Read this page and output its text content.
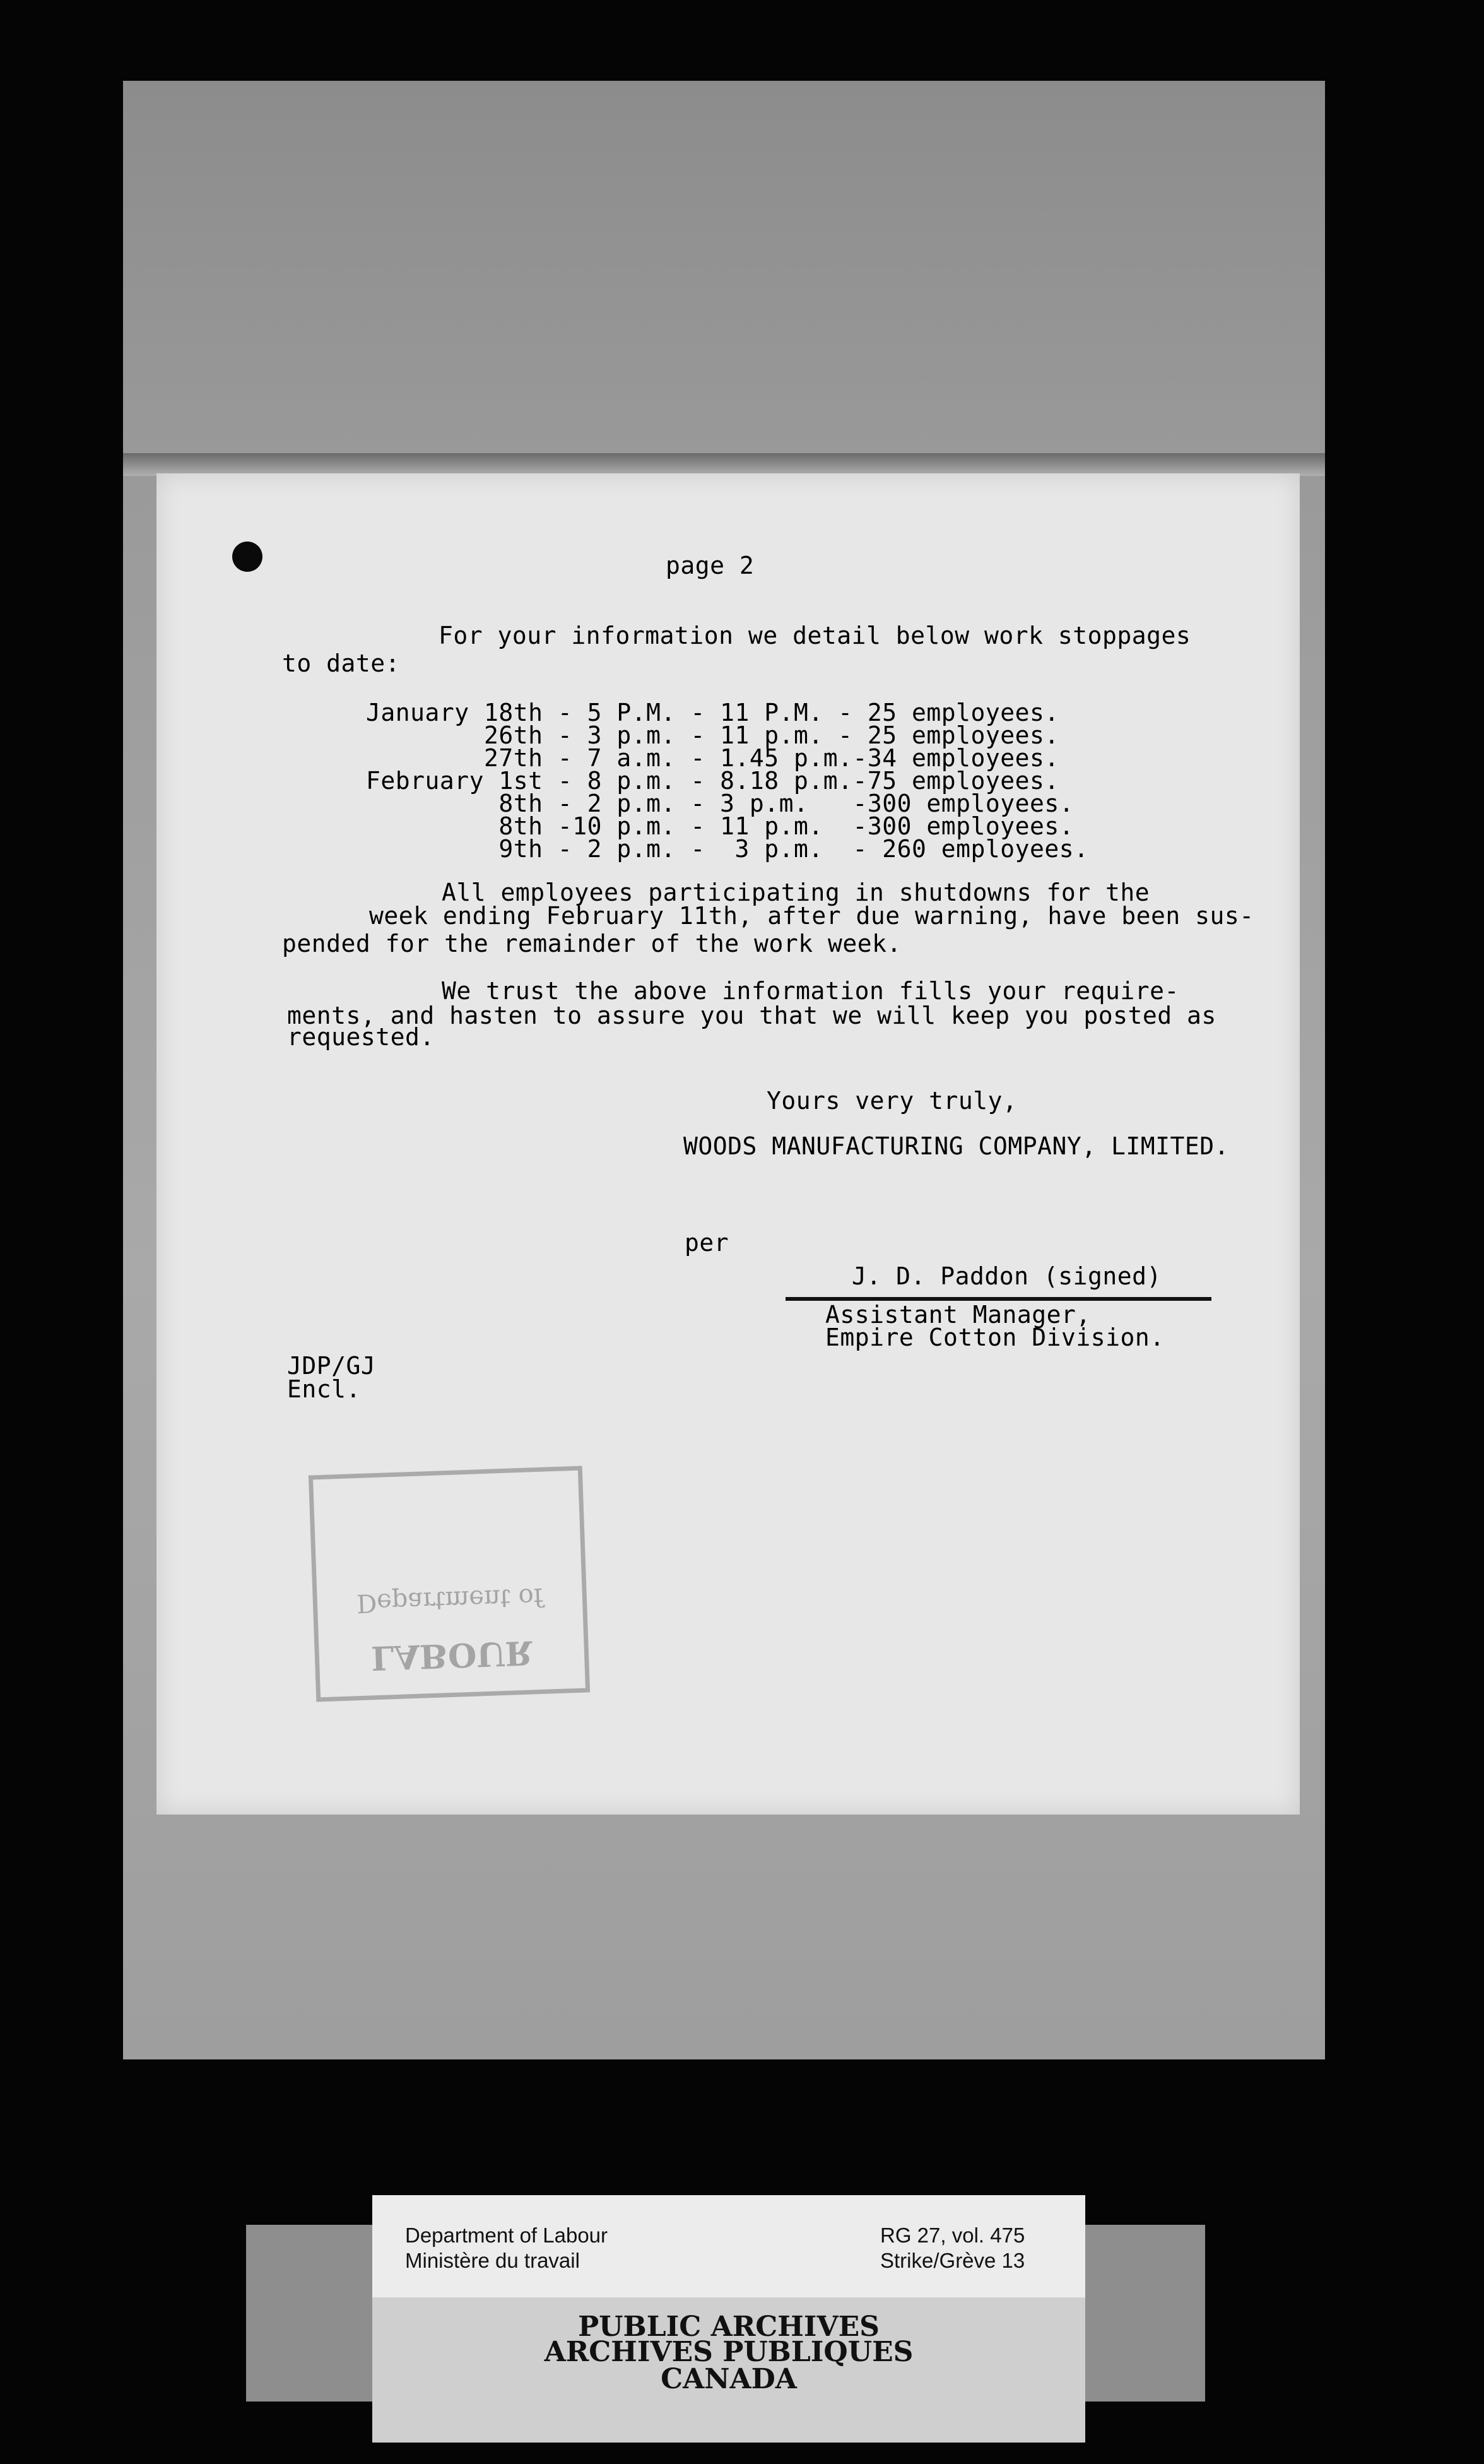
page 2
For your information we detail below work stoppages
to date:
January 18th - 5 P.M. - 11 P.M. - 25 employees.
26th - 3 p.m. - 11 p.m. - 25 employees.
27th - 7 a.m. - 1.45 p.m.-34 employees.
February 1st - 8 p.m. - 8.18 p.m.-75 employees.
8th - 2 p.m. - 3 p.m.   -300 employees.
8th -10 p.m. - 11 p.m.  -300 employees.
9th - 2 p.m. -  3 p.m.  - 260 employees.
All employees participating in shutdowns for the
week ending February 11th, after due warning, have been sus-
pended for the remainder of the work week.
We trust the above information fills your require-
ments, and hasten to assure you that we will keep you posted as
requested.
Yours very truly,
WOODS MANUFACTURING COMPANY, LIMITED.
per
J. D. Paddon (signed)
Assistant Manager,
Empire Cotton Division.
JDP/GJ
Encl.
Department of
LABOUR
Department of Labour
Ministère du travail
RG 27, vol. 475
Strike/Grève 13
PUBLIC ARCHIVES
ARCHIVES PUBLIQUES
CANADA
